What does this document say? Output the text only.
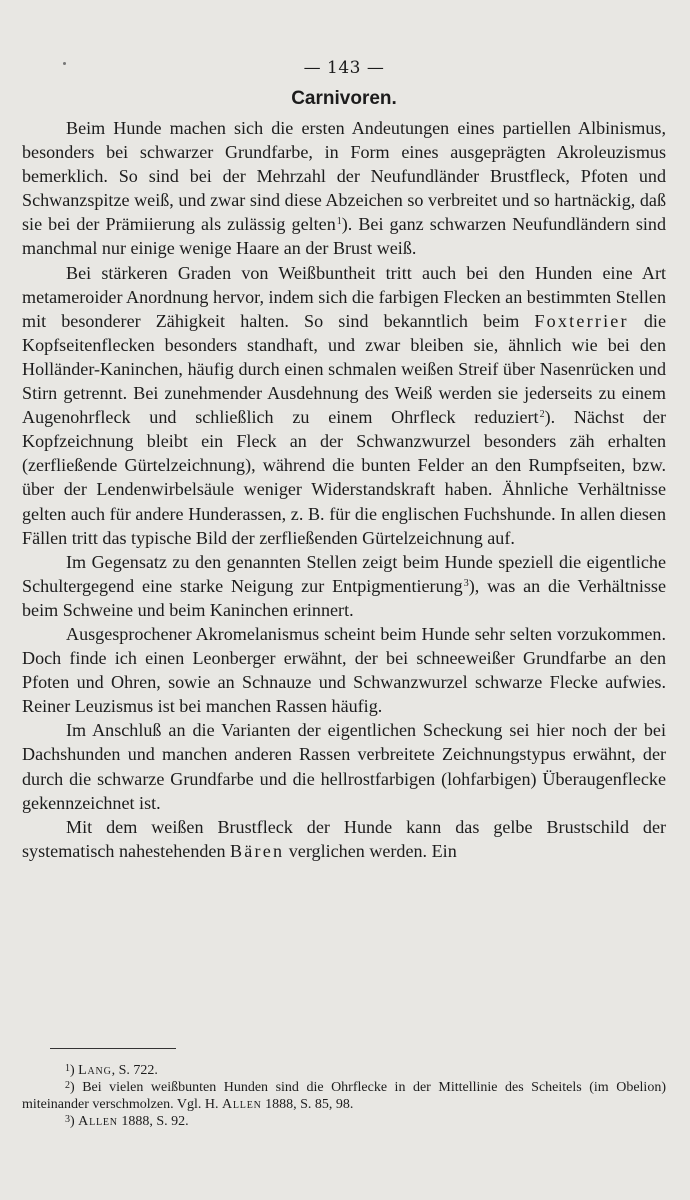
— 143 —
Carnivoren.

Beim Hunde machen sich die ersten Andeutungen eines partiellen Albinismus, besonders bei schwarzer Grundfarbe, in Form eines ausgeprägten Akroleuzismus bemerklich. So sind bei der Mehrzahl der Neufundländer Brustfleck, Pfoten und Schwanzspitze weiß, und zwar sind diese Abzeichen so verbreitet und so hartnäckig, daß sie bei der Prämiierung als zulässig gelten$^1$). Bei ganz schwarzen Neufundländern sind manchmal nur einige wenige Haare an der Brust weiß.

Bei stärkeren Graden von Weißbuntheit tritt auch bei den Hunden eine Art metameroider Anordnung hervor, indem sich die farbigen Flecken an bestimmten Stellen mit besonderer Zähigkeit halten. So sind bekanntlich beim Foxterrier die Kopfseitenflecken besonders standhaft, und zwar bleiben sie, ähnlich wie bei den Holländer-Kaninchen, häufig durch einen schmalen weißen Streif über Nasenrücken und Stirn getrennt. Bei zunehmender Ausdehnung des Weiß werden sie jederseits zu einem Augenohrfleck und schließlich zu einem Ohrfleck reduziert$^2$). Nächst der Kopfzeichnung bleibt ein Fleck an der Schwanzwurzel besonders zäh erhalten (zerfließende Gürtelzeichnung), während die bunten Felder an den Rumpfseiten, bzw. über der Lendenwirbelsäule weniger Widerstandskraft haben. Ähnliche Verhältnisse gelten auch für andere Hunderassen, z. B. für die englischen Fuchshunde. In allen diesen Fällen tritt das typische Bild der zerfließenden Gürtelzeichnung auf.

Im Gegensatz zu den genannten Stellen zeigt beim Hunde speziell die eigentliche Schultergegend eine starke Neigung zur Entpigmentierung$^3$), was an die Verhältnisse beim Schweine und beim Kaninchen erinnert.

Ausgesprochener Akromelanismus scheint beim Hunde sehr selten vorzukommen. Doch finde ich einen Leonberger erwähnt, der bei schneeweißer Grundfarbe an den Pfoten und Ohren, sowie an Schnauze und Schwanzwurzel schwarze Flecke aufwies. Reiner Leuzismus ist bei manchen Rassen häufig.

Im Anschluß an die Varianten der eigentlichen Scheckung sei hier noch der bei Dachshunden und manchen anderen Rassen verbreitete Zeichnungstypus erwähnt, der durch die schwarze Grundfarbe und die hellrostfarbigen (lohfarbigen) Überaugenflecke gekennzeichnet ist.

Mit dem weißen Brustfleck der Hunde kann das gelbe Brustschild der systematisch nahestehenden Bären verglichen werden. Ein

$^1$) Lang, S. 722.

$^2$) Bei vielen weißbunten Hunden sind die Ohrflecke in der Mittellinie des Scheitels (im Obelion) miteinander verschmolzen. Vgl. H. Allen 1888, S. 85, 98.

$^3$) Allen 1888, S. 92.
